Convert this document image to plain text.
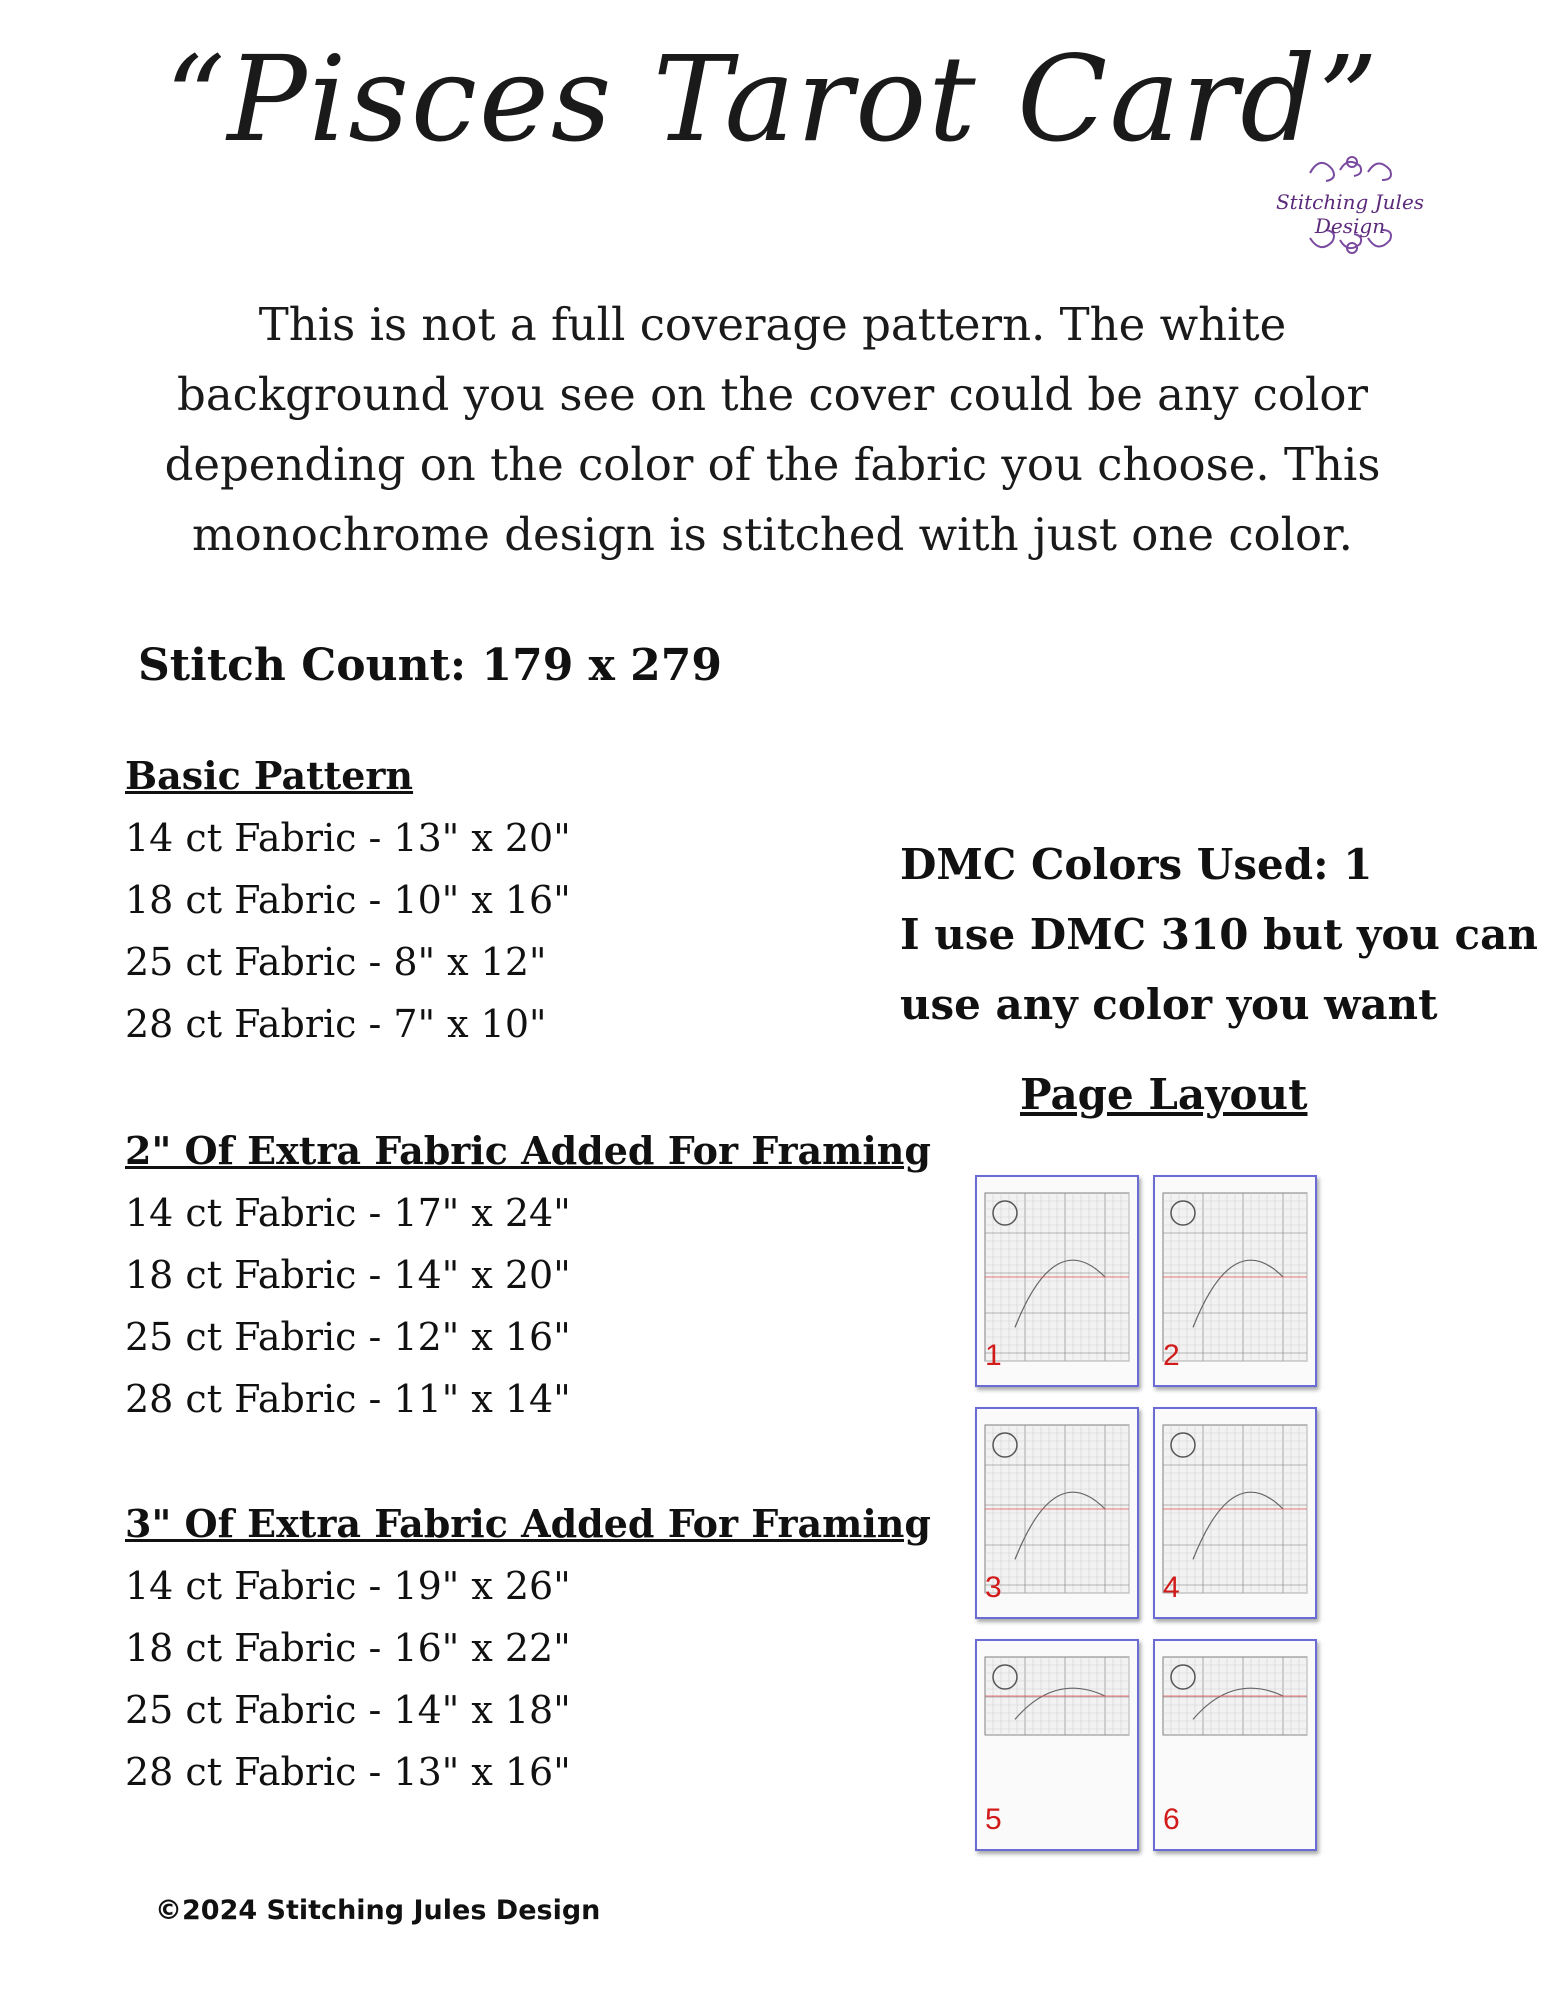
“Pisces Tarot Card”
Stitching Jules Design
This is not a full coverage pattern. The white background you see on the cover could be any color depending on the color of the fabric you choose. This monochrome design is stitched with just one color.
Stitch Count: 179 x 279
Basic Pattern
14 ct Fabric - 13" x 20"
18 ct Fabric - 10" x 16"
25 ct Fabric - 8" x 12"
28 ct Fabric - 7" x 10"
2" Of Extra Fabric Added For Framing
14 ct Fabric - 17" x 24"
18 ct Fabric - 14" x 20"
25 ct Fabric - 12" x 16"
28 ct Fabric - 11" x 14"
3" Of Extra Fabric Added For Framing
14 ct Fabric - 19" x 26"
18 ct Fabric - 16" x 22"
25 ct Fabric - 14" x 18"
28 ct Fabric - 13" x 16"
DMC Colors Used: 1
I use DMC 310 but you can
use any color you want
Page Layout
1	2
3	4
5	6
©2024 Stitching Jules Design
